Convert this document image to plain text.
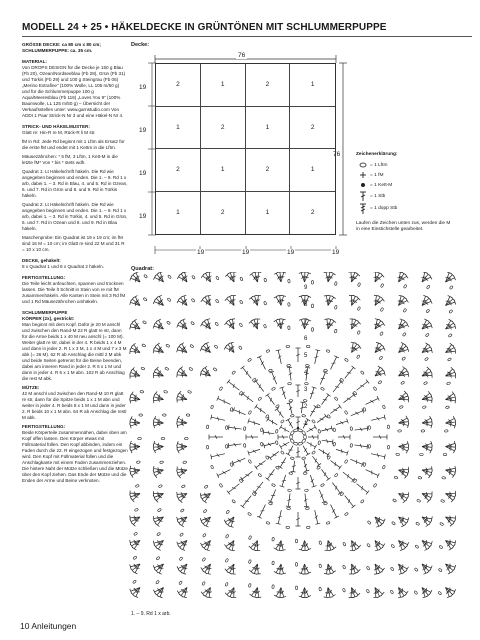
MODELL 24 + 25 • HÄKELDECKE IN GRÜNTÖNEN MIT SCHLUMMERPUPPE

GRÖSSE DECKE: ca 80 cm x 80 cm; SCHLUMMERPUPPE: ca. 35 cm.

MATERIAL:

Von DROPS DESIGN für die Decke je 150 g Blau (Fb 20), Ozean/Nordseeblau (Fb 28), Grün (Fb 31) und Türkis (Fb 29) und 100 g Steingrau (Fb 05) „Merino Extrafine" (100% Wolle, LL 105 m/50 g) und für die Schlummerpuppe 100 g Aqua/Meeresblau (Fb 116) „Loves You 9" (100% Baumwolle, LL 125 m/50 g) – Übersicht der Verkaufsstellen unter: www.garnstudio.com Von ADDI 1 Paar Strick-N Nr 3 und eine Häkel-N Nr 4.

STRICK- UND HÄKELMUSTER:

Glatt re: Hin-R re M, Rück-R li M str.

fM in Rd: Jede Rd beginnt mit 1 Lftm als Ersatz für die erste fM und endet mit 1 Kettm in die Lftm.

Mäusezähnchen: * 5 fM, 3 Lftm, 1 Kett-M in die letzte fM* Von * bis * stets wdh.

Quadrat 1: Lt Häkelschrift häkeln. Die Rd wie angegeben beginnen und enden. Die 1. – 9. Rd 1 x arb, dabei 1. – 3. Rd in Blau, 4. und 5. Rd in Ozean, 6. und 7. Rd in Grün und 8. und 9. Rd in Türkis häkeln.

Quadrat 2: Lt Häkelschrift häkeln. Die Rd wie angegeben beginnen und enden. Die 1. – 9. Rd 1 x arb, dabei 1. – 3. Rd in Türkis, 4. und 5. Rd in Grün, 6. und 7. Rd in Ozean und 8. und 9. Rd in Blau häkeln.

Maschenprobe: Ein Quadrat ist 19 x 19 cm; im fM sind 16 M = 10 cm; im Glatt re sind 22 M und 31 R = 10 x 10 cm.

DECKE, gehäkelt:

8 x Quadrat 1 und 8 x Quadrat 2 häkeln.

FERTIGSTELLUNG:

Die Teile leicht anfeuchten, spannen und trocknen lassen. Die Teile lt Schnitt in Stein von re mit fM zusammenhäkeln. Alle Kanten in Stein mit 3 Rd fM und 1 Rd Mäusezähnchen umhäkeln.

SCHLUMMERPUPPE
KÖRPER (2x), gestrickt:

Man beginnt mit dem Kopf. Dafür je 20 M anschl und zwischen den Rand-M 22 R glatt re str, dann für die Arme beids 1 x 40 M neu anschl (= 100 M). Weiter glatt re str, dabei in der 4. R beids 1 x 4 M und dann in jeder 2. R 1 x 3 M, 1 x 4 M und 7 x 3 M abk (= 36 M). 62 R ab Anschlag die mittl 2 M abk und beide Seiten getrennt für die Beine beenden, dabei am inneren Rand in jeder 2. R 6 x 1 M und dann in jeder 4. R 6 x 1 M abn. 102 R ab Anschlag die rest M abk.

MÜTZE:

42 M anschl und zwischen den Rand-M 10 R glatt re str, dann für die Spitze beids 1 x 1 M abn und weiter in jeder 4. R beids 8 x 1 M und dann in jeder 2. R beids 10 x 1 M abn. 64 R ab Anschlag die restl M abk.

FERTIGSTELLUNG:

Beide Körperteile zusammennähen, dabei oben am Kopf offen lassen. Den Körper etwas mit Füllmaterial füllen. Den Kopf abbinden, indem ein Faden durch die 22. R eingezogen und festgezogen wird. Den Kopf mit Füllmaterial füllen und die Anschlagkante mit einem Faden zusammenziehen. Die hintere Naht der Mütze schließen und die Mütze über den Kopf ziehen. Das Ende der Mütze und die Enden der Arme und Beine verknoten.

Decke:
76
76
2	1	2	1
1	2	1	2
2	1	2	1
1	2	1	2
19
19
19
19
19	19	19	19
Zeichenerklärung:
= 1 Lftm
= 1 fM
= 1 Kett-M
= 1 Stb
= 1 dopp Stb
Laufen die Zeichen unten zus, werden die M in eine Einstichstelle gearbeitet.
Quadrat:
9
8
7
6
5
4
3
2
1
1. – 9. Rd 1 x arb.
10 Anleitungen
